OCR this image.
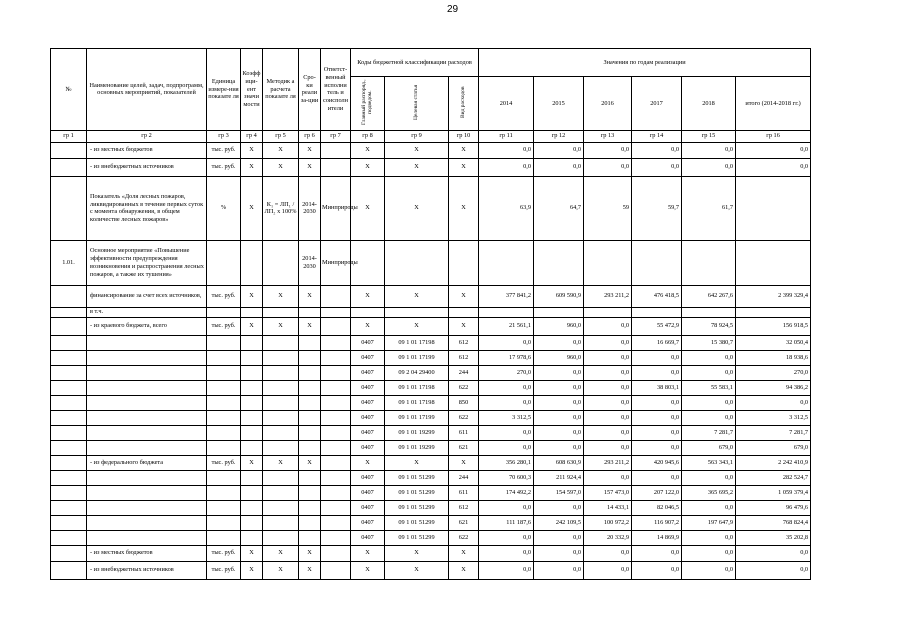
29
№	Наименование целей, задач, подпрограмм, основных мероприятий, показателей	Единица измере-ния показате ля	Коэфф ици-ент значи мости	Методик а расчета показате ля	Сро-ки реали за-ции	Ответст-венный исполни тель и соисполн ители	Коды бюджетной классификации расходов			Значения по годам реализации					
							Главный распоряд., подведом.	Целевая статья	Вид расходов	2014	2015	2016	2017	2018	итого (2014-2018 гг.)
гр 1	гр 2	гр 3	гр 4	гр 5	гр 6	гр 7	гр 8	гр 9	гр 10	гр 11	гр 12	гр 13	гр 14	гр 15	гр 16
	- из местных бюджетов	тыс. руб.	X	X	X		X	X	X	0,0	0,0	0,0	0,0	0,0	0,0
	- из внебюджетных источников	тыс. руб.	X	X	X		X	X	X	0,0	0,0	0,0	0,0	0,0	0,0
	Показатель «Доля лесных пожаров, ликвидированных в течение первых суток с момента обнаружения, в общем количестве лесных пожаров»	%	X	К₁ = ЛП₁ / ЛП₂ x 100%	2014-2030	Минприроды	X	X	X	63,9	64,7	59	59,7	61,7	
1.01.	Основное мероприятие «Повышение эффективности предупреждения возникновения и распространения лесных пожаров, а также их тушения»				2014-2030	Минприроды									
	финансирование за счет всех источников,	тыс. руб.	X	X	X		X	X	X	377 841,2	609 590,9	293 211,2	476 418,5	642 267,6	2 399 329,4
	в т.ч.														
	- из краевого бюджета, всего	тыс. руб.	X	X	X		X	X	X	21 561,1	960,0	0,0	55 472,9	78 924,5	156 918,5
							0407	09 1 01 17198	612	0,0	0,0	0,0	16 669,7	15 380,7	32 050,4
							0407	09 1 01 17199	612	17 978,6	960,0	0,0	0,0	0,0	18 938,6
							0407	09 2 04 29400	244	270,0	0,0	0,0	0,0	0,0	270,0
							0407	09 1 01 17198	622	0,0	0,0	0,0	38 803,1	55 583,1	94 386,2
							0407	09 1 01 17198	850	0,0	0,0	0,0	0,0	0,0	0,0
							0407	09 1 01 17199	622	3 312,5	0,0	0,0	0,0	0,0	3 312,5
							0407	09 1 01 19299	611	0,0	0,0	0,0	0,0	7 281,7	7 281,7
							0407	09 1 01 19299	621	0,0	0,0	0,0	0,0	679,0	679,0
	- из федерального бюджета	тыс. руб.	X	X	X		X	X	X	356 280,1	608 630,9	293 211,2	420 945,6	563 343,1	2 242 410,9
							0407	09 1 01 51299	244	70 600,3	211 924,4	0,0	0,0	0,0	282 524,7
							0407	09 1 01 51299	611	174 492,2	154 597,0	157 473,0	207 122,0	365 695,2	1 059 379,4
							0407	09 1 01 51299	612	0,0	0,0	14 433,1	82 046,5	0,0	96 479,6
							0407	09 1 01 51299	621	111 187,6	242 109,5	100 972,2	116 907,2	197 647,9	768 824,4
							0407	09 1 01 51299	622	0,0	0,0	20 332,9	14 869,9	0,0	35 202,8
	- из местных бюджетов	тыс. руб.	X	X	X		X	X	X	0,0	0,0	0,0	0,0	0,0	0,0
	- из внебюджетных источников	тыс. руб.	X	X	X		X	X	X	0,0	0,0	0,0	0,0	0,0	0,0
